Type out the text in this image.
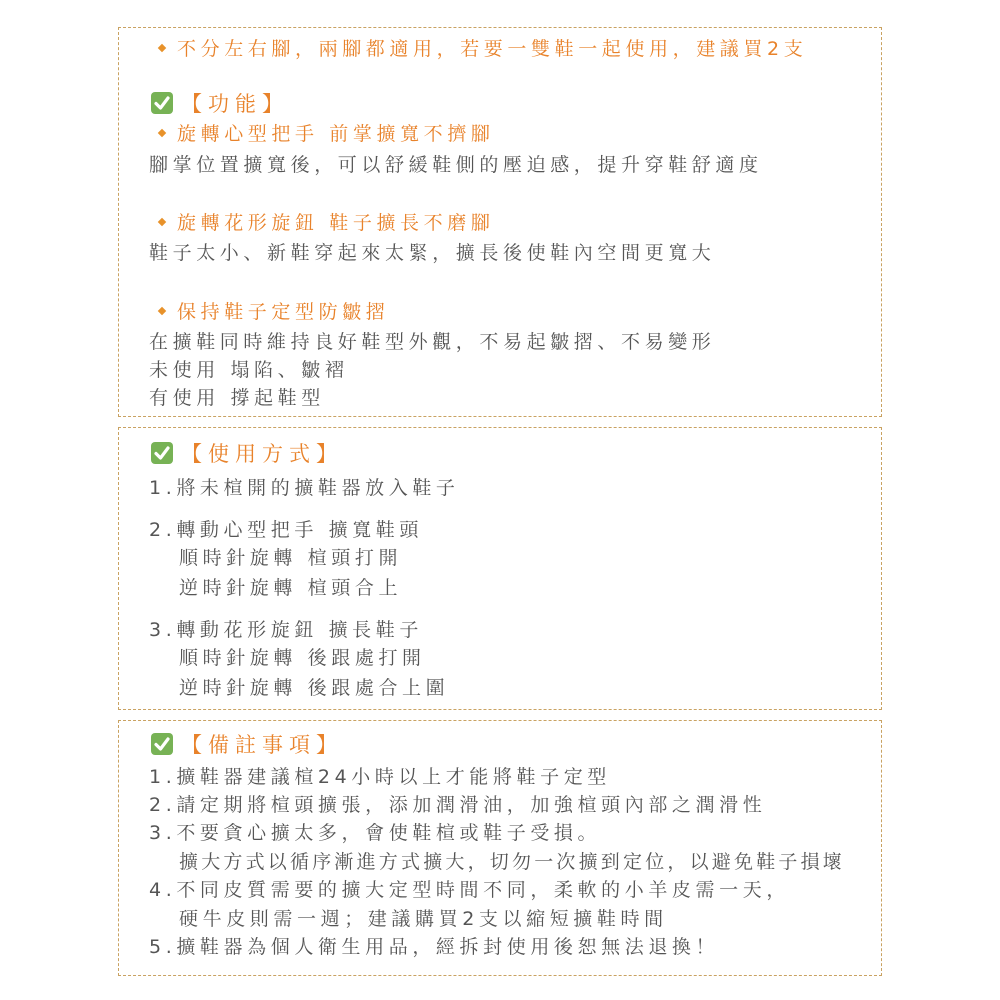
不分左右腳，兩腳都適用，若要一雙鞋一起使用，建議買2支
【功能】
旋轉心型把手 前掌擴寬不擠腳
腳掌位置擴寬後，可以舒緩鞋側的壓迫感，提升穿鞋舒適度
旋轉花形旋鈕 鞋子擴長不磨腳
鞋子太小、新鞋穿起來太緊，擴長後使鞋內空間更寬大
保持鞋子定型防皺摺
在擴鞋同時維持良好鞋型外觀，不易起皺摺、不易變形
未使用 塌陷、皺褶
有使用 撐起鞋型
【使用方式】
1.將未楦開的擴鞋器放入鞋子
2.轉動心型把手 擴寬鞋頭
順時針旋轉 楦頭打開
逆時針旋轉 楦頭合上
3.轉動花形旋鈕 擴長鞋子
順時針旋轉 後跟處打開
逆時針旋轉 後跟處合上圍
【備註事項】
1.擴鞋器建議楦24小時以上才能將鞋子定型
2.請定期將楦頭擴張，添加潤滑油，加強楦頭內部之潤滑性
3.不要貪心擴太多，會使鞋楦或鞋子受損。
擴大方式以循序漸進方式擴大，切勿一次擴到定位，以避免鞋子損壞
4.不同皮質需要的擴大定型時間不同，柔軟的小羊皮需一天，
硬牛皮則需一週；建議購買2支以縮短擴鞋時間
5.擴鞋器為個人衛生用品，經拆封使用後恕無法退換！
